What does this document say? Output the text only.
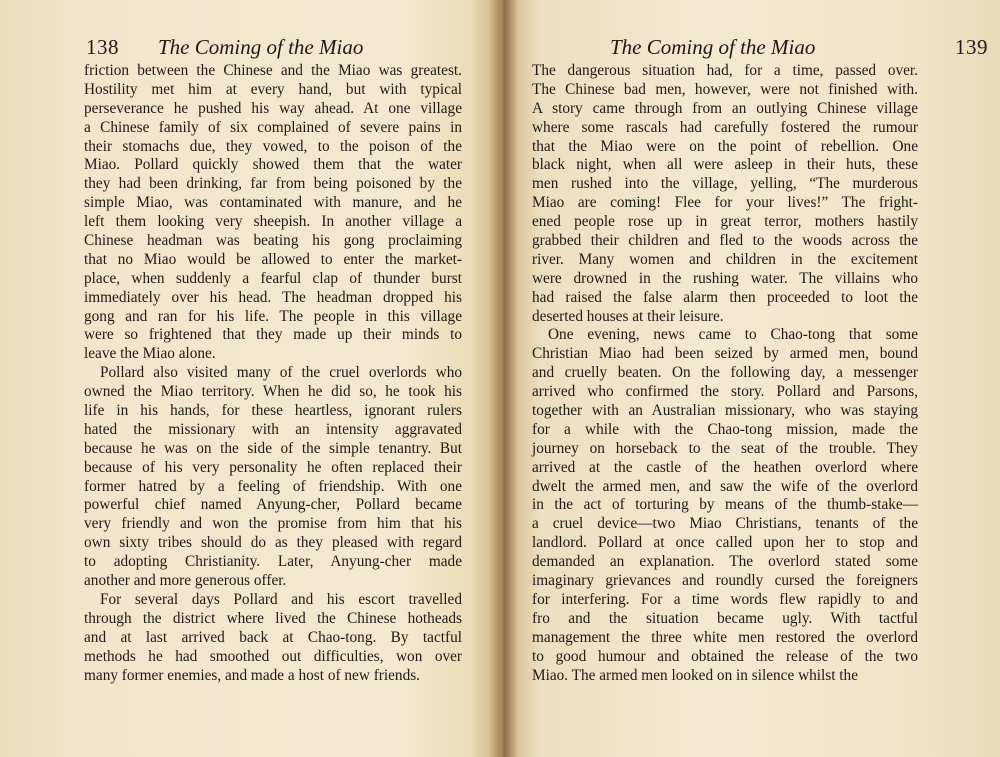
138 The Coming of the Miao
friction between the Chinese and the Miao was greatest.
Hostility met him at every hand, but with typical
perseverance he pushed his way ahead. At one village
a Chinese family of six complained of severe pains in
their stomachs due, they vowed, to the poison of the
Miao. Pollard quickly showed them that the water
they had been drinking, far from being poisoned by the
simple Miao, was contaminated with manure, and he
left them looking very sheepish. In another village a
Chinese headman was beating his gong proclaiming
that no Miao would be allowed to enter the market-
place, when suddenly a fearful clap of thunder burst
immediately over his head. The headman dropped his
gong and ran for his life. The people in this village
were so frightened that they made up their minds to
leave the Miao alone.
Pollard also visited many of the cruel overlords who
owned the Miao territory. When he did so, he took his
life in his hands, for these heartless, ignorant rulers
hated the missionary with an intensity aggravated
because he was on the side of the simple tenantry. But
because of his very personality he often replaced their
former hatred by a feeling of friendship. With one
powerful chief named Anyung-cher, Pollard became
very friendly and won the promise from him that his
own sixty tribes should do as they pleased with regard
to adopting Christianity. Later, Anyung-cher made
another and more generous offer.
For several days Pollard and his escort travelled
through the district where lived the Chinese hotheads
and at last arrived back at Chao-tong. By tactful
methods he had smoothed out difficulties, won over
many former enemies, and made a host of new friends.
The Coming of the Miao	139
The dangerous situation had, for a time, passed over.
The Chinese bad men, however, were not finished with.
A story came through from an outlying Chinese village
where some rascals had carefully fostered the rumour
that the Miao were on the point of rebellion. One
black night, when all were asleep in their huts, these
men rushed into the village, yelling, “The murderous
Miao are coming! Flee for your lives!” The fright-
ened people rose up in great terror, mothers hastily
grabbed their children and fled to the woods across the
river. Many women and children in the excitement
were drowned in the rushing water. The villains who
had raised the false alarm then proceeded to loot the
deserted houses at their leisure.
One evening, news came to Chao-tong that some
Christian Miao had been seized by armed men, bound
and cruelly beaten. On the following day, a messenger
arrived who confirmed the story. Pollard and Parsons,
together with an Australian missionary, who was staying
for a while with the Chao-tong mission, made the
journey on horseback to the seat of the trouble. They
arrived at the castle of the heathen overlord where
dwelt the armed men, and saw the wife of the overlord
in the act of torturing by means of the thumb-stake—
a cruel device—two Miao Christians, tenants of the
landlord. Pollard at once called upon her to stop and
demanded an explanation. The overlord stated some
imaginary grievances and roundly cursed the foreigners
for interfering. For a time words flew rapidly to and
fro and the situation became ugly. With tactful
management the three white men restored the overlord
to good humour and obtained the release of the two
Miao. The armed men looked on in silence whilst the
